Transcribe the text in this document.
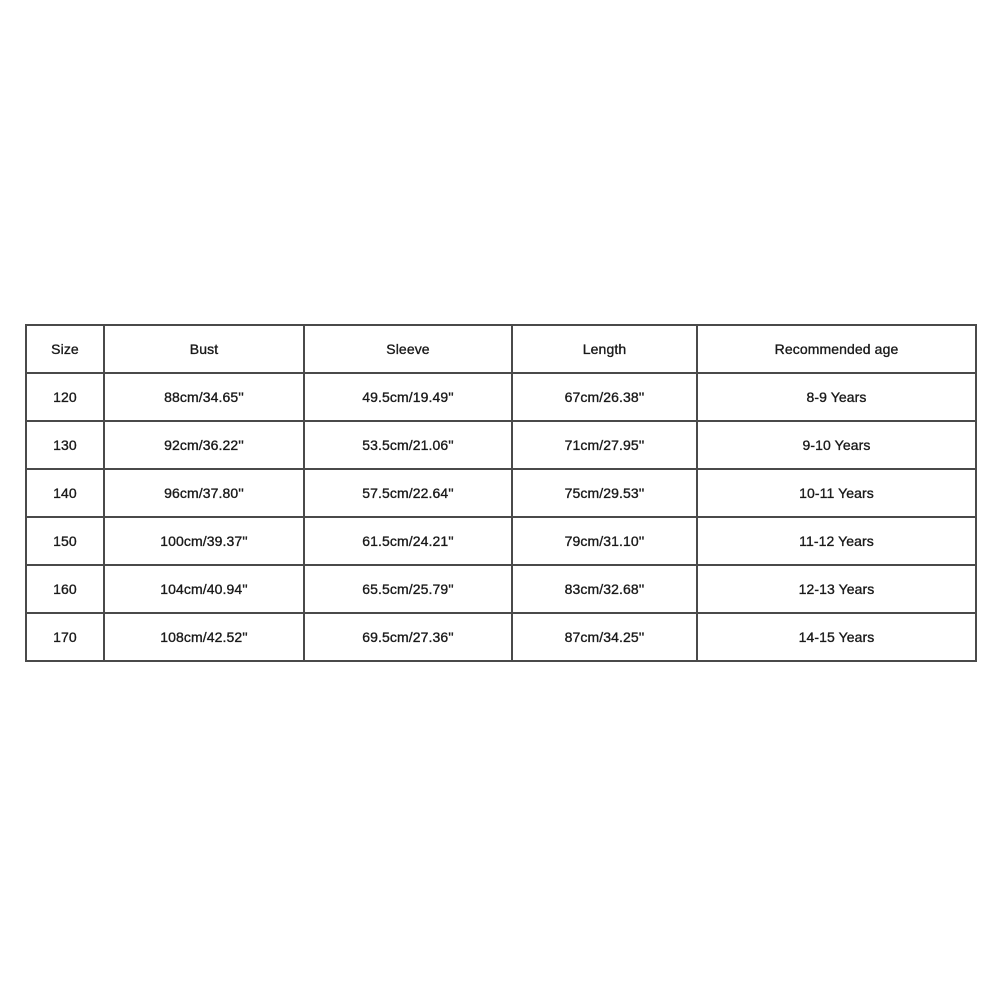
Size	Bust	Sleeve	Length	Recommended age
120	88cm/34.65''	49.5cm/19.49''	67cm/26.38''	8-9 Years
130	92cm/36.22''	53.5cm/21.06''	71cm/27.95''	9-10 Years
140	96cm/37.80''	57.5cm/22.64''	75cm/29.53''	10-11 Years
150	100cm/39.37''	61.5cm/24.21''	79cm/31.10''	11-12 Years
160	104cm/40.94''	65.5cm/25.79''	83cm/32.68''	12-13 Years
170	108cm/42.52''	69.5cm/27.36''	87cm/34.25''	14-15 Years
